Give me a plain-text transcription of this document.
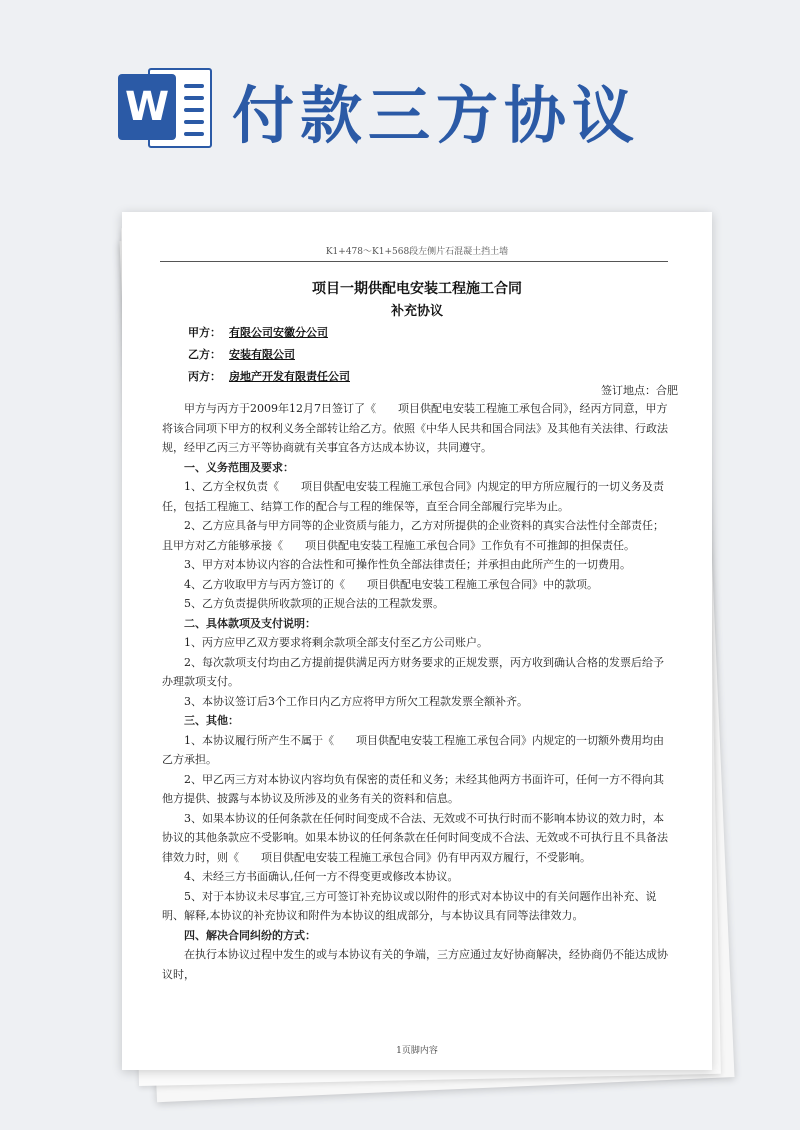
W 付款三方协议
K1+478～K1+568段左侧片石混凝土挡土墙
项目一期供配电安装工程施工合同
补充协议
甲方： 有限公司安徽分公司
乙方： 安装有限公司
丙方： 房地产开发有限责任公司
签订地点：合肥

甲方与丙方于2009年12月7日签订了《　　项目供配电安装工程施工承包合同》，经丙方同意，甲方将该合同项下甲方的权利义务全部转让给乙方。依照《中华人民共和国合同法》及其他有关法律、行政法规，经甲乙丙三方平等协商就有关事宜各方达成本协议，共同遵守。

一、义务范围及要求：

1、乙方全权负责《　　项目供配电安装工程施工承包合同》内规定的甲方所应履行的一切义务及责任，包括工程施工、结算工作的配合与工程的维保等，直至合同全部履行完毕为止。

2、乙方应具备与甲方同等的企业资质与能力，乙方对所提供的企业资料的真实合法性付全部责任；且甲方对乙方能够承接《　　项目供配电安装工程施工承包合同》工作负有不可推卸的担保责任。

3、甲方对本协议内容的合法性和可操作性负全部法律责任；并承担由此所产生的一切费用。

4、乙方收取甲方与丙方签订的《　　项目供配电安装工程施工承包合同》中的款项。

5、乙方负责提供所收款项的正规合法的工程款发票。

二、具体款项及支付说明：

1、丙方应甲乙双方要求将剩余款项全部支付至乙方公司账户。

2、每次款项支付均由乙方提前提供满足丙方财务要求的正规发票，丙方收到确认合格的发票后给予办理款项支付。

3、本协议签订后3个工作日内乙方应将甲方所欠工程款发票全额补齐。

三、其他：

1、本协议履行所产生不属于《　　项目供配电安装工程施工承包合同》内规定的一切额外费用均由乙方承担。

2、甲乙丙三方对本协议内容均负有保密的责任和义务；未经其他两方书面许可，任何一方不得向其他方提供、披露与本协议及所涉及的业务有关的资料和信息。

3、如果本协议的任何条款在任何时间变成不合法、无效或不可执行时而不影响本协议的效力时，本协议的其他条款应不受影响。如果本协议的任何条款在任何时间变成不合法、无效或不可执行且不具备法律效力时，则《　　项目供配电安装工程施工承包合同》仍有甲丙双方履行，不受影响。

4、未经三方书面确认,任何一方不得变更或修改本协议。

5、对于本协议未尽事宜,三方可签订补充协议或以附件的形式对本协议中的有关问题作出补充、说明、解释,本协议的补充协议和附件为本协议的组成部分，与本协议具有同等法律效力。

四、解决合同纠纷的方式：

在执行本协议过程中发生的或与本协议有关的争端，三方应通过友好协商解决，经协商仍不能达成协议时，

1页脚内容
